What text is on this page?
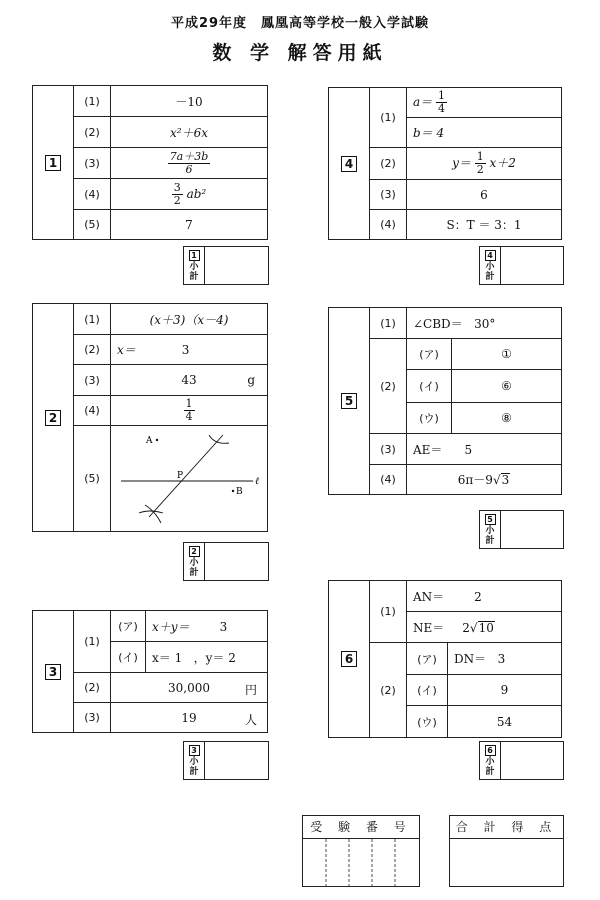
平成29年度　鳳凰高等学校一般入学試験
数 学 解答用紙
1	(1)	－10
	(2)	x²＋6x
	(3)	$\frac{7a+3b}{6}$

	(4)	$\frac{3}{2} ab^2$
	(5)	7
1
小
計
2	(1)	(x＋3)（x－4)
	(2)	x＝ 3
	(3)	43 g

	(4)	$\frac{1}{4}$

	(5)	A
B
P ℓ
2
小
計
3	(1)	(ア)	x＋y＝ 3
		(イ)	x＝ 1 ，y＝ 2
	(2)	30,000 円	

	(3)	19 人	
3
小
計
4	(1)	$a= \frac{1}{4}$

		b＝ 4
	(2)	$y= \frac{1}{2} x+2$
	(3)	6
	(4)	S：T ＝ 3：1
4
小
計
5	(1)	∠CBD＝ 30°	
	(2)	(ア)	①
		(イ)	⑥
		(ウ)	⑧
	(3)	AE＝ 5	
	(4)	6π－9√3	
5
小
計
6	(1)	AN＝ 2	
		NE＝ 2√10	
	(2)	(ア)	DN＝ 3
		(イ)	9
		(ウ)	54
6
小
計
受 験 番 号	合 計 得 点
